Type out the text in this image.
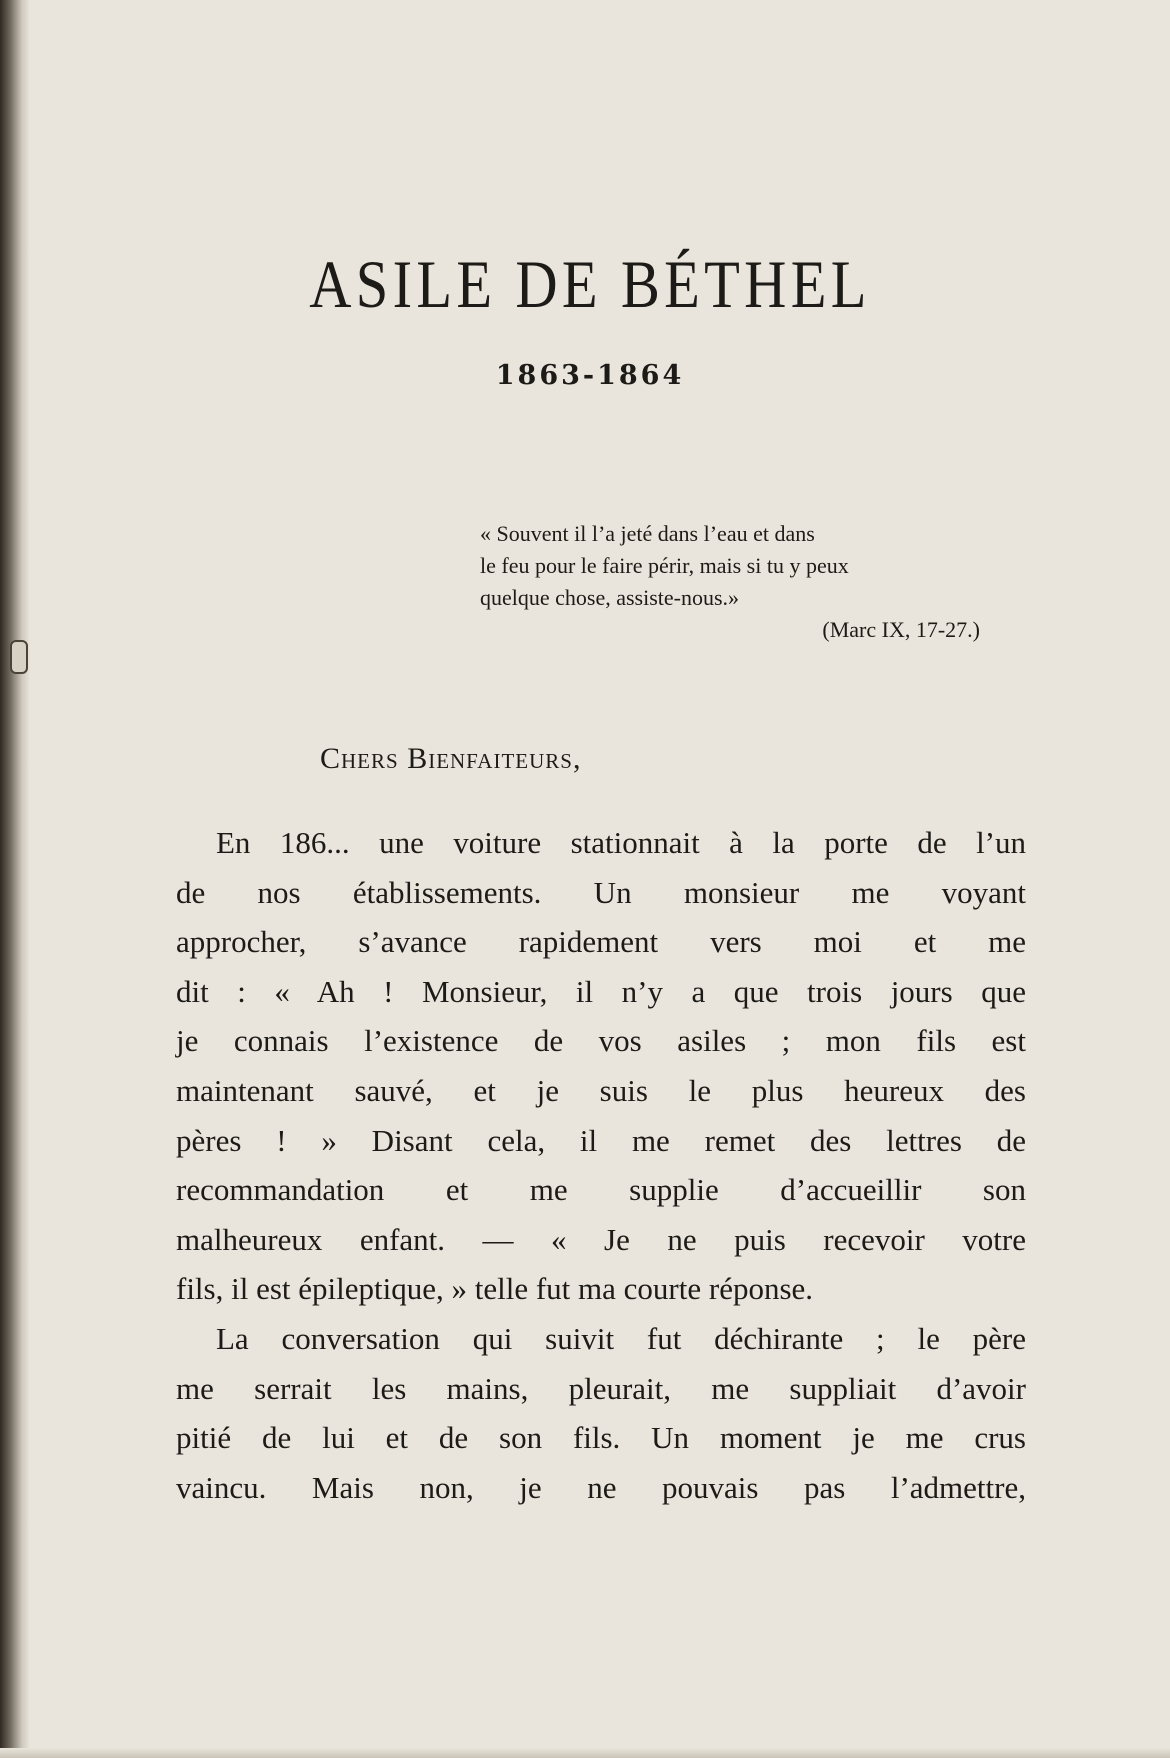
ASILE DE BÉTHEL
1863-1864
« Souvent il l’a jeté dans l’eau et dans
le feu pour le faire périr, mais si tu y peux
quelque chose, assiste-nous.»
(Marc IX, 17-27.)
Chers Bienfaiteurs,
En 186... une voiture stationnait à la porte de l’un
de nos établissements. Un monsieur me voyant
approcher, s’avance rapidement vers moi et me
dit : « Ah ! Monsieur, il n’y a que trois jours que
je connais l’existence de vos asiles ; mon fils est
maintenant sauvé, et je suis le plus heureux des
pères ! » Disant cela, il me remet des lettres de
recommandation et me supplie d’accueillir son
malheureux enfant. — « Je ne puis recevoir votre
fils, il est épileptique, » telle fut ma courte réponse.
La conversation qui suivit fut déchirante ; le père
me serrait les mains, pleurait, me suppliait d’avoir
pitié de lui et de son fils. Un moment je me crus
vaincu. Mais non, je ne pouvais pas l’admettre,
